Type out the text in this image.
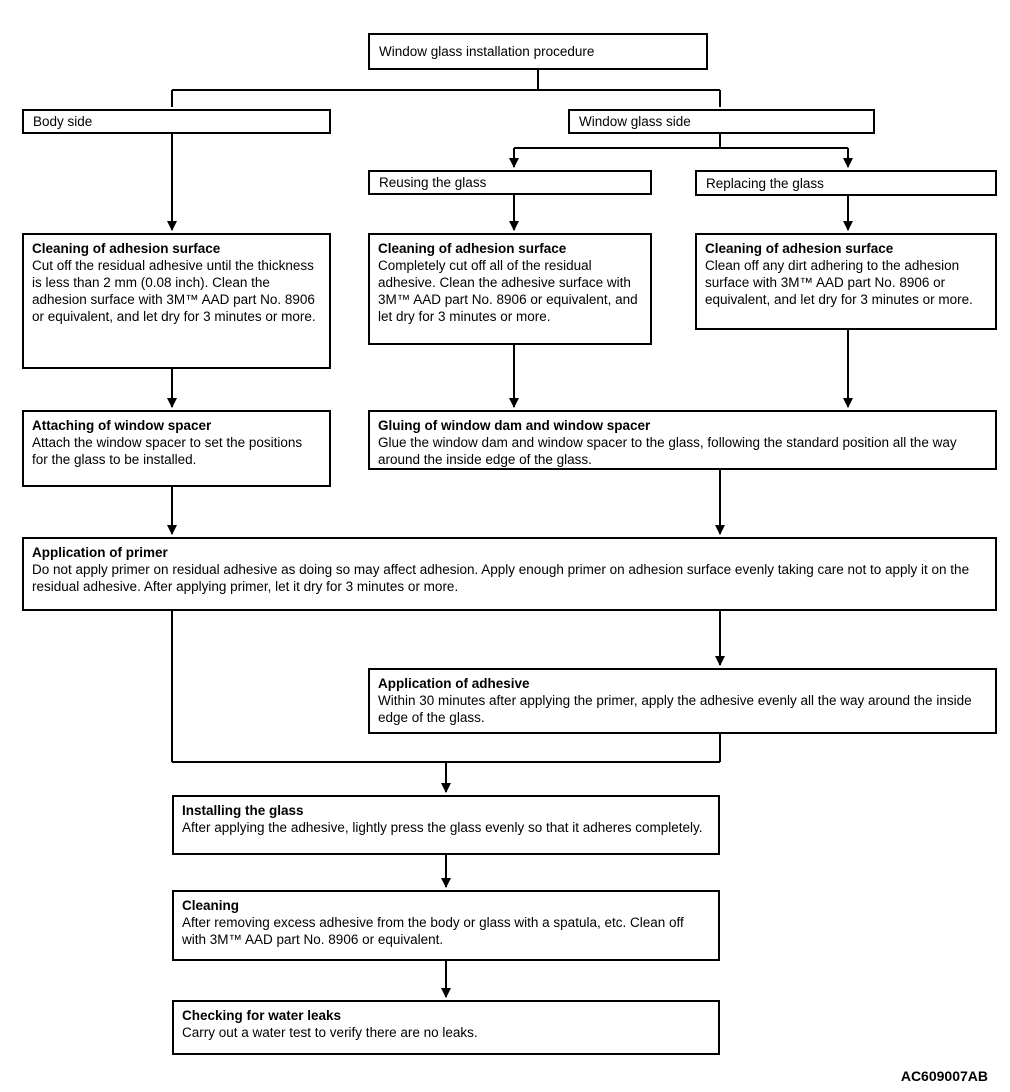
Window glass installation procedure
Body side	Window glass side
Reusing the glass	Replacing the glass
Cleaning of adhesion surface
Cut off the residual adhesive until the thickness is less than 2 mm (0.08 inch). Clean the adhesion surface with 3M™ AAD part No. 8906 or equivalent, and let dry for 3 minutes or more.
Cleaning of adhesion surface
Completely cut off all of the residual adhesive. Clean the adhesive surface with 3M™ AAD part No. 8906 or equivalent, and let dry for 3 minutes or more.
Cleaning of adhesion surface
Clean off any dirt adhering to the adhesion surface with 3M™ AAD part No. 8906 or equivalent, and let dry for 3 minutes or more.
Attaching of window spacer
Attach the window spacer to set the positions for the glass to be installed.
Gluing of window dam and window spacer
Glue the window dam and window spacer to the glass, following the standard position all the way around the inside edge of the glass.
Application of primer
Do not apply primer on residual adhesive as doing so may affect adhesion. Apply enough primer on adhesion surface evenly taking care not to apply it on the residual adhesive. After applying primer, let it dry for 3 minutes or more.
Application of adhesive
Within 30 minutes after applying the primer, apply the adhesive evenly all the way around the inside edge of the glass.
Installing the glass
After applying the adhesive, lightly press the glass evenly so that it adheres completely.
Cleaning
After removing excess adhesive from the body or glass with a spatula, etc. Clean off with 3M™ AAD part No. 8906 or equivalent.
Checking for water leaks
Carry out a water test to verify there are no leaks.
AC609007AB
